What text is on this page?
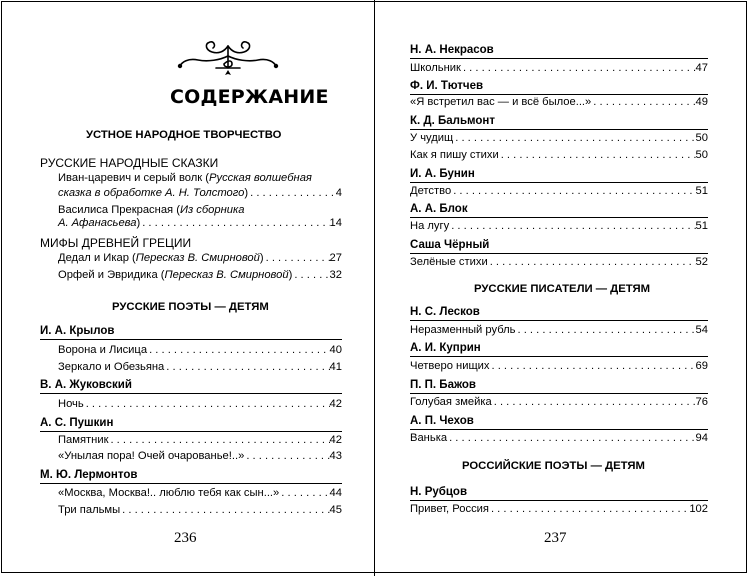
СОДЕРЖАНИЕ
УСТНОЕ НАРОДНОЕ ТВОРЧЕСТВО
РУССКИЕ НАРОДНЫЕ СКАЗКИ
Иван-царевич и серый волк (Русская волшебная
сказка в обработке А. Н. Толстого) . . .	4
Василиса Прекрасная (Из сборника
А. Афанасьева) . . .	14
МИФЫ ДРЕВНЕЙ ГРЕЦИИ
Дедал и Икар (Пересказ В. Смирновой) . . .	27
Орфей и Эвридика (Пересказ В. Смирновой) . . .	32
РУССКИЕ ПОЭТЫ — ДЕТЯМ
И. А. Крылов
Ворона и Лисица . . .	40
Зеркало и Обезьяна . . .	41
В. А. Жуковский
Ночь . . .	42
А. С. Пушкин
Памятник . . .	42
«Унылая пора! Очей очарованье!..» . . .	43
М. Ю. Лермонтов
«Москва, Москва!.. люблю тебя как сын...» . . .	44
Три пальмы . . .	45
236
Н. А. Некрасов
Школьник . . .	47
Ф. И. Тютчев
«Я встретил вас — и всё былое...» . . .	49
К. Д. Бальмонт
У чудищ . . .	50
Как я пишу стихи . . .	50
И. А. Бунин
Детство . . .	51
А. А. Блок
На лугу . . .	51
Саша Чёрный
Зелёные стихи . . .	52
РУССКИЕ ПИСАТЕЛИ — ДЕТЯМ
Н. С. Лесков
Неразменный рубль . . .	54
А. И. Куприн
Четверо нищих . . .	69
П. П. Бажов
Голубая змейка . . .	76
А. П. Чехов
Ванька . . .	94
РОССИЙСКИЕ ПОЭТЫ — ДЕТЯМ
Н. Рубцов
Привет, Россия . . .	102
237
